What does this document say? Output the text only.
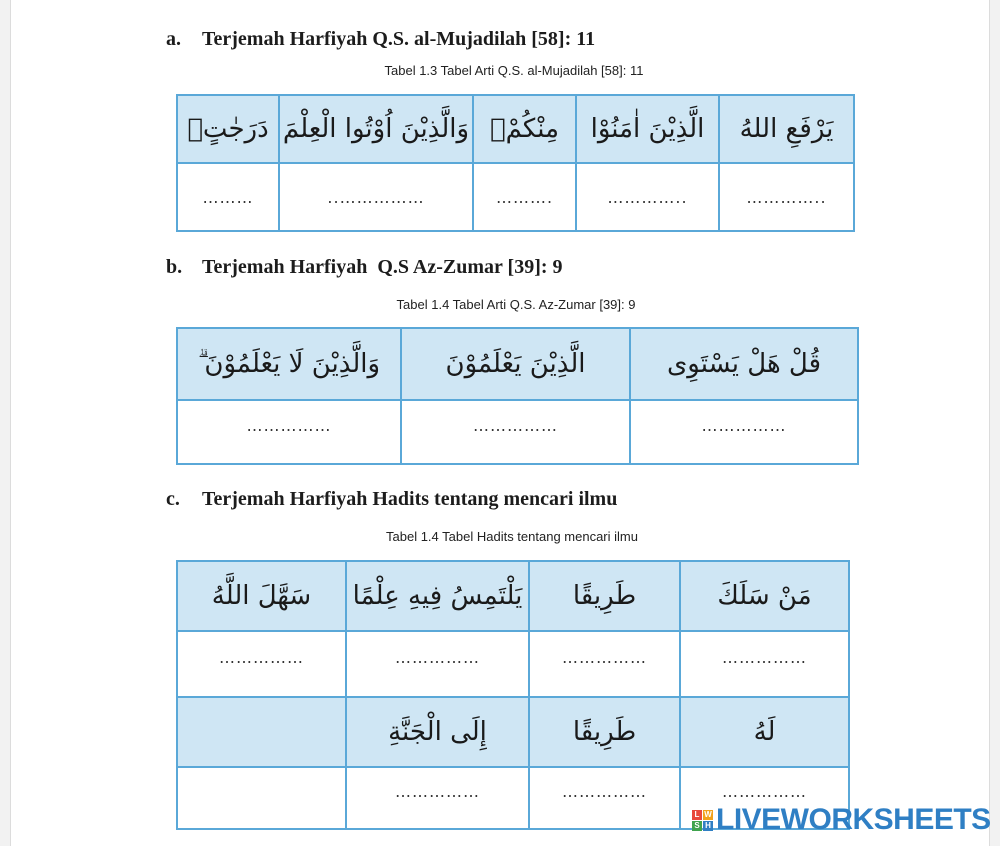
a. Terjemah Harfiyah Q.S. al-Mujadilah [58]: 11
Tabel 1.3 Tabel Arti Q.S. al-Mujadilah [58]: 11
دَرَجٰتٍۗ	وَالَّذِيْنَ اُوْتُوا الْعِلْمَ	مِنْكُمْۙ	الَّذِيْنَ اٰمَنُوْا	يَرْفَعِ اللهُ
………	..……………	……….	…………..	…………..
b. Terjemah Harfiyah  Q.S Az-Zumar [39]: 9
Tabel 1.4 Tabel Arti Q.S. Az-Zumar [39]: 9
وَالَّذِيْنَ لَا يَعْلَمُوْنَ ۗ	الَّذِيْنَ يَعْلَمُوْنَ	قُلْ هَلْ يَسْتَوِى
……………	……………	……………
c. Terjemah Harfiyah Hadits tentang mencari ilmu
Tabel 1.4 Tabel Hadits tentang mencari ilmu
سَهَّلَ اللَّهُ	يَلْتَمِسُ فِيهِ عِلْمًا	طَرِيقًا	مَنْ سَلَكَ
……………	……………	……………	……………
	إِلَى الْجَنَّةِ	طَرِيقًا	لَهُ
	……………	……………	……………
L W
S H LIVEWORKSHEETS
